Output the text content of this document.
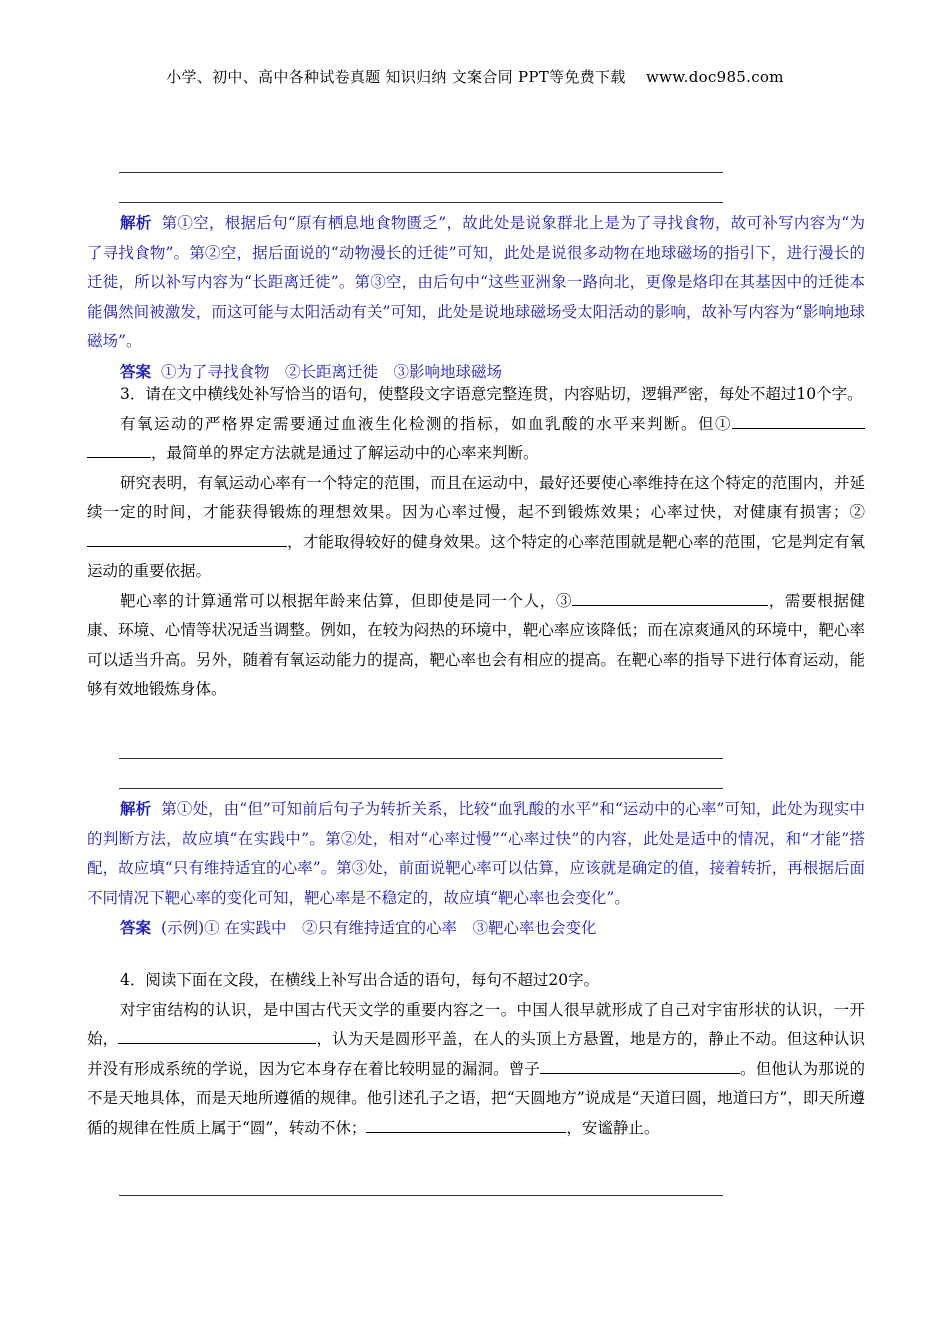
小学、初中、高中各种试卷真题 知识归纳 文案合同 PPT等免费下载　 www.doc985.com

解析 第①空，根据后句“原有栖息地食物匮乏”，故此处是说象群北上是为了寻找食物，故可补写内容为“为了寻找食物”。第②空，据后面说的“动物漫长的迁徙”可知，此处是说很多动物在地球磁场的指引下，进行漫长的迁徙，所以补写内容为“长距离迁徙”。第③空，由后句中“这些亚洲象一路向北，更像是烙印在其基因中的迁徙本能偶然间被激发，而这可能与太阳活动有关”可知，此处是说地球磁场受太阳活动的影响，故补写内容为“影响地球磁场”。

答案 ①为了寻找食物　②长距离迁徙　③影响地球磁场

3．请在文中横线处补写恰当的语句，使整段文字语意完整连贯，内容贴切，逻辑严密，每处不超过10个字。

有氧运动的严格界定需要通过血液生化检测的指标，如血乳酸的水平来判断。但①，最简单的界定方法就是通过了解运动中的心率来判断。

研究表明，有氧运动心率有一个特定的范围，而且在运动中，最好还要使心率维持在这个特定的范围内，并延续一定的时间，才能获得锻炼的理想效果。因为心率过慢，起不到锻炼效果；心率过快，对健康有损害；②，才能取得较好的健身效果。这个特定的心率范围就是靶心率的范围，它是判定有氧运动的重要依据。

靶心率的计算通常可以根据年龄来估算，但即使是同一个人，③	，需要根据健康、环境、心情等状况适当调整。例如，在较为闷热的环境中，靶心率应该降低；而在凉爽通风的环境中，靶心率可以适当升高。另外，随着有氧运动能力的提高，靶心率也会有相应的提高。在靶心率的指导下进行体育运动，能够有效地锻炼身体。

解析 第①处，由“但”可知前后句子为转折关系，比较“血乳酸的水平”和“运动中的心率”可知，此处为现实中的判断方法，故应填“在实践中”。第②处，相对“心率过慢”“心率过快”的内容，此处是适中的情况，和“才能”搭配，故应填“只有维持适宜的心率”。第③处，前面说靶心率可以估算，应该就是确定的值，接着转折，再根据后面不同情况下靶心率的变化可知，靶心率是不稳定的，故应填“靶心率也会变化”。

答案 (示例)① 在实践中　②只有维持适宜的心率　③靶心率也会变化

4．阅读下面在文段，在横线上补写出合适的语句，每句不超过20字。

对宇宙结构的认识，是中国古代天文学的重要内容之一。中国人很早就形成了自己对宇宙形状的认识，一开始，	，认为天是圆形平盖，在人的头顶上方悬置，地是方的，静止不动。但这种认识并没有形成系统的学说，因为它本身存在着比较明显的漏洞。曾子	。但他认为那说的不是天地具体，而是天地所遵循的规律。他引述孔子之语，把“天圆地方”说成是“天道曰圆，地道曰方”，即天所遵循的规律在性质上属于“圆”，转动不休；	，安谧静止。
